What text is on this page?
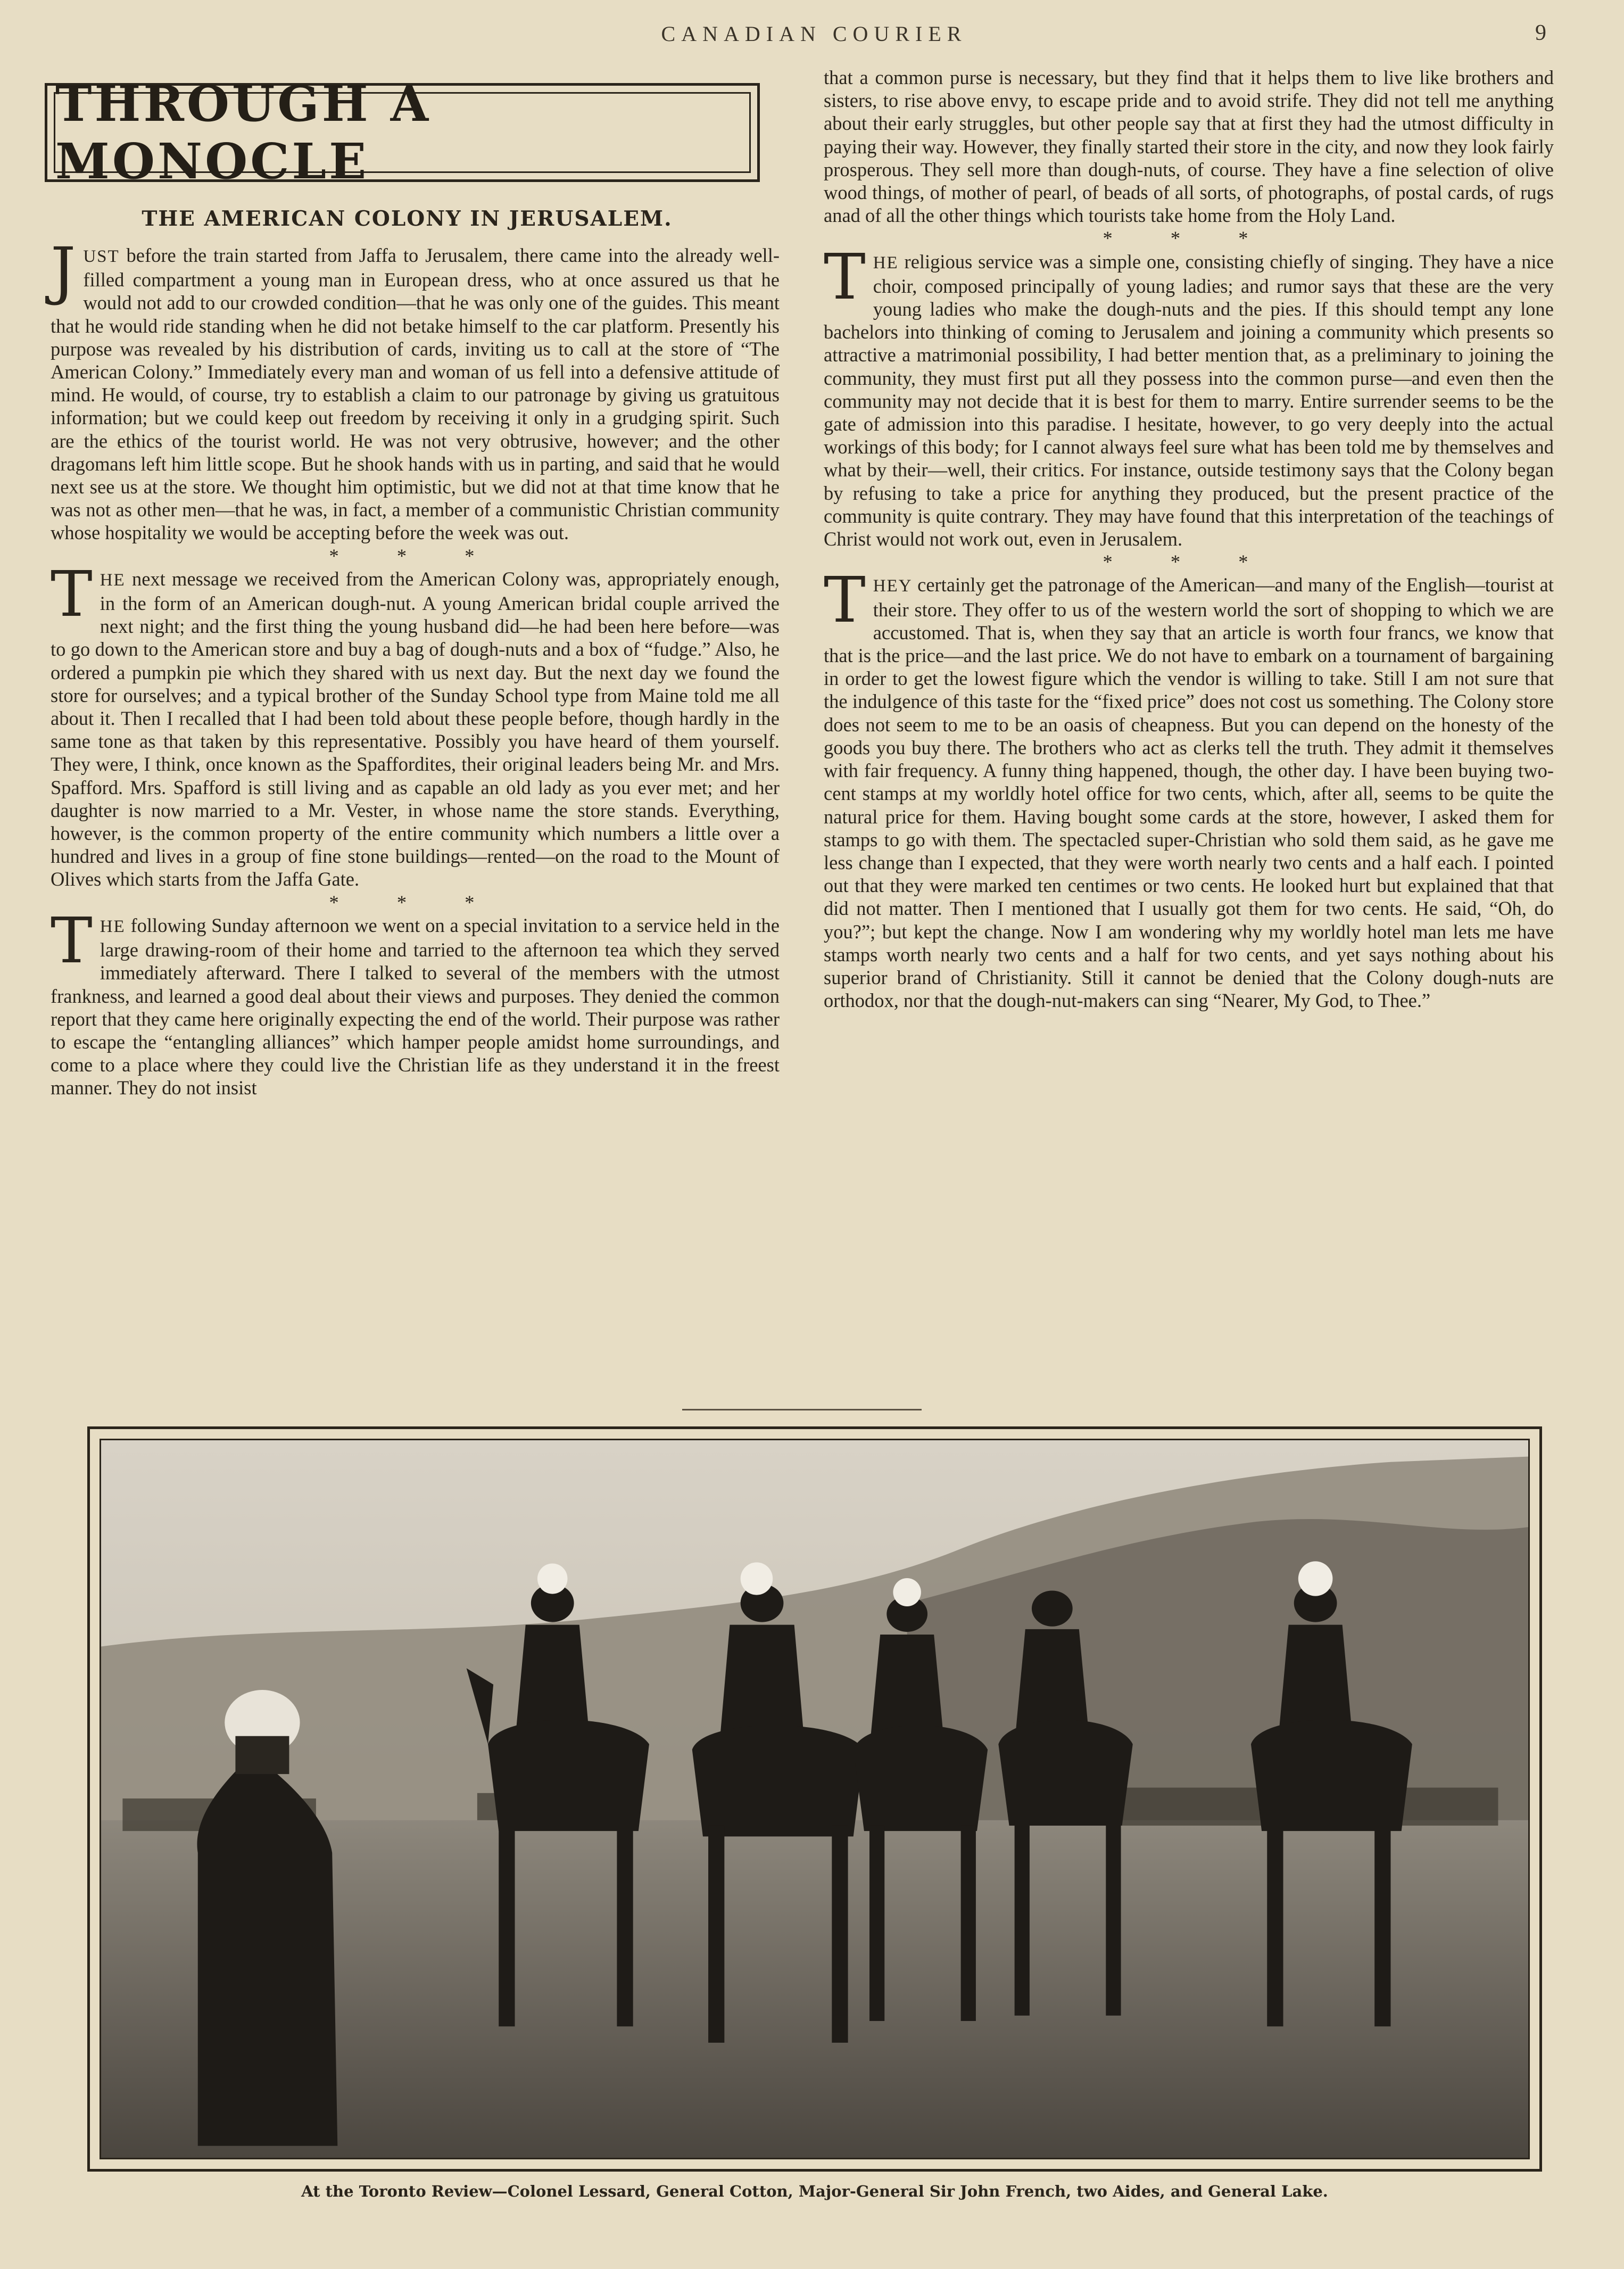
CANADIAN COURIER	9
THROUGH A MONOCLE
THE AMERICAN COLONY IN JERUSALEM.

JUST before the train started from Jaffa to Jerusalem, there came into the already well-filled compartment a young man in European dress, who at once assured us that he would not add to our crowded condition—that he was only one of the guides. This meant that he would ride standing when he did not betake himself to the car platform. Presently his purpose was revealed by his distribution of cards, inviting us to call at the store of “The American Colony.” Immediately every man and woman of us fell into a defensive attitude of mind. He would, of course, try to establish a claim to our patronage by giving us gratuitous information; but we could keep out freedom by receiving it only in a grudging spirit. Such are the ethics of the tourist world. He was not very obtrusive, however; and the other dragomans left him little scope. But he shook hands with us in parting, and said that he would next see us at the store. We thought him optimistic, but we did not at that time know that he was not as other men—that he was, in fact, a member of a communistic Christian community whose hospitality we would be accepting before the week was out.

* * *

THE next message we received from the American Colony was, appropriately enough, in the form of an American dough-nut. A young American bridal couple arrived the next night; and the first thing the young husband did—he had been here before—was to go down to the American store and buy a bag of dough-nuts and a box of “fudge.” Also, he ordered a pumpkin pie which they shared with us next day. But the next day we found the store for ourselves; and a typical brother of the Sunday School type from Maine told me all about it. Then I recalled that I had been told about these people before, though hardly in the same tone as that taken by this representative. Possibly you have heard of them yourself. They were, I think, once known as the Spaffordites, their original leaders being Mr. and Mrs. Spafford. Mrs. Spafford is still living and as capable an old lady as you ever met; and her daughter is now married to a Mr. Vester, in whose name the store stands. Everything, however, is the common property of the entire community which numbers a little over a hundred and lives in a group of fine stone buildings—rented—on the road to the Mount of Olives which starts from the Jaffa Gate.

* * *

THE following Sunday afternoon we went on a special invitation to a service held in the large drawing-room of their home and tarried to the afternoon tea which they served immediately afterward. There I talked to several of the members with the utmost frankness, and learned a good deal about their views and purposes. They denied the common report that they came here originally expecting the end of the world. Their purpose was rather to escape the “entangling alliances” which hamper people amidst home surroundings, and come to a place where they could live the Christian life as they understand it in the freest manner. They do not insist

that a common purse is necessary, but they find that it helps them to live like brothers and sisters, to rise above envy, to escape pride and to avoid strife. They did not tell me anything about their early struggles, but other people say that at first they had the utmost difficulty in paying their way. However, they finally started their store in the city, and now they look fairly prosperous. They sell more than dough-nuts, of course. They have a fine selection of olive wood things, of mother of pearl, of beads of all sorts, of photographs, of postal cards, of rugs anad of all the other things which tourists take home from the Holy Land.

* * *

THE religious service was a simple one, consisting chiefly of singing. They have a nice choir, composed principally of young ladies; and rumor says that these are the very young ladies who make the dough-nuts and the pies. If this should tempt any lone bachelors into thinking of coming to Jerusalem and joining a community which presents so attractive a matrimonial possibility, I had better mention that, as a preliminary to joining the community, they must first put all they possess into the common purse—and even then the community may not decide that it is best for them to marry. Entire surrender seems to be the gate of admission into this paradise. I hesitate, however, to go very deeply into the actual workings of this body; for I cannot always feel sure what has been told me by themselves and what by their—well, their critics. For instance, outside testimony says that the Colony began by refusing to take a price for anything they produced, but the present practice of the community is quite contrary. They may have found that this interpretation of the teachings of Christ would not work out, even in Jerusalem.

* * *

THEY certainly get the patronage of the American—and many of the English—tourist at their store. They offer to us of the western world the sort of shopping to which we are accustomed. That is, when they say that an article is worth four francs, we know that that is the price—and the last price. We do not have to embark on a tournament of bargaining in order to get the lowest figure which the vendor is willing to take. Still I am not sure that the indulgence of this taste for the “fixed price” does not cost us something. The Colony store does not seem to me to be an oasis of cheapness. But you can depend on the honesty of the goods you buy there. The brothers who act as clerks tell the truth. They admit it themselves with fair frequency. A funny thing happened, though, the other day. I have been buying two-cent stamps at my worldly hotel office for two cents, which, after all, seems to be quite the natural price for them. Having bought some cards at the store, however, I asked them for stamps to go with them. The spectacled super-Christian who sold them said, as he gave me less change than I expected, that they were worth nearly two cents and a half each. I pointed out that they were marked ten centimes or two cents. He looked hurt but explained that that did not matter. Then I mentioned that I usually got them for two cents. He said, “Oh, do you?”; but kept the change. Now I am wondering why my worldly hotel man lets me have stamps worth nearly two cents and a half for two cents, and yet says nothing about his superior brand of Christianity. Still it cannot be denied that the Colony dough-nuts are orthodox, nor that the dough-nut-makers can sing “Nearer, My God, to Thee.”

At the Toronto Review—Colonel Lessard, General Cotton, Major-General Sir John French, two Aides, and General Lake.
